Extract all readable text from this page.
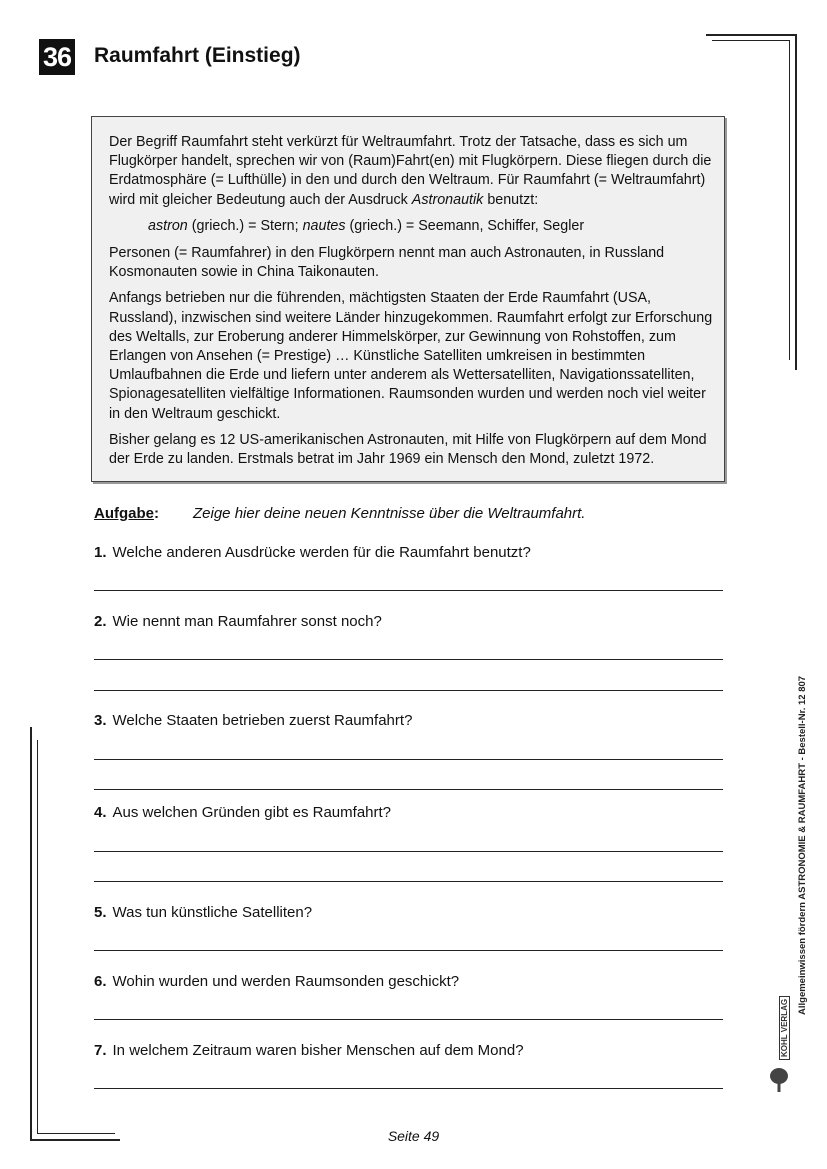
36 Raumfahrt (Einstieg)

Der Begriff Raumfahrt steht verkürzt für Weltraumfahrt. Trotz der Tatsache, dass es sich um Flugkörper handelt, sprechen wir von (Raum)Fahrt(en) mit Flugkörpern. Diese fliegen durch die Erdatmosphäre (= Lufthülle) in den und durch den Weltraum. Für Raumfahrt (= Weltraumfahrt) wird mit gleicher Bedeutung auch der Ausdruck Astronautik benutzt:

astron (griech.) = Stern; nautes (griech.) = Seemann, Schiffer, Segler

Personen (= Raumfahrer) in den Flugkörpern nennt man auch Astronauten, in Russland Kosmonauten sowie in China Taikonauten.

Anfangs betrieben nur die führenden, mächtigsten Staaten der Erde Raumfahrt (USA, Russland), inzwischen sind weitere Länder hinzugekommen. Raumfahrt erfolgt zur Erforschung des Weltalls, zur Eroberung anderer Himmelskörper, zur Gewinnung von Rohstoffen, zum Erlangen von Ansehen (= Prestige) … Künstliche Satelliten umkreisen in bestimmten Umlaufbahnen die Erde und liefern unter anderem als Wettersatelliten, Navigationssatelliten, Spionagesatelliten vielfältige Informationen. Raumsonden wurden und werden noch viel weiter in den Weltraum geschickt.

Bisher gelang es 12 US-amerikanischen Astronauten, mit Hilfe von Flugkörpern auf dem Mond der Erde zu landen. Erstmals betrat im Jahr 1969 ein Mensch den Mond, zuletzt 1972.

Aufgabe: Zeige hier deine neuen Kenntnisse über die Weltraumfahrt.
1. Welche anderen Ausdrücke werden für die Raumfahrt benutzt?
2. Wie nennt man Raumfahrer sonst noch?
3. Welche Staaten betrieben zuerst Raumfahrt?
4. Aus welchen Gründen gibt es Raumfahrt?
5. Was tun künstliche Satelliten?
6. Wohin wurden und werden Raumsonden geschickt?
7. In welchem Zeitraum waren bisher Menschen auf dem Mond?
Allgemeinwissen fördern ASTRONOMIE & RAUMFAHRT - Bestell-Nr. 12 807
KOHL VERLAG
Seite 49
